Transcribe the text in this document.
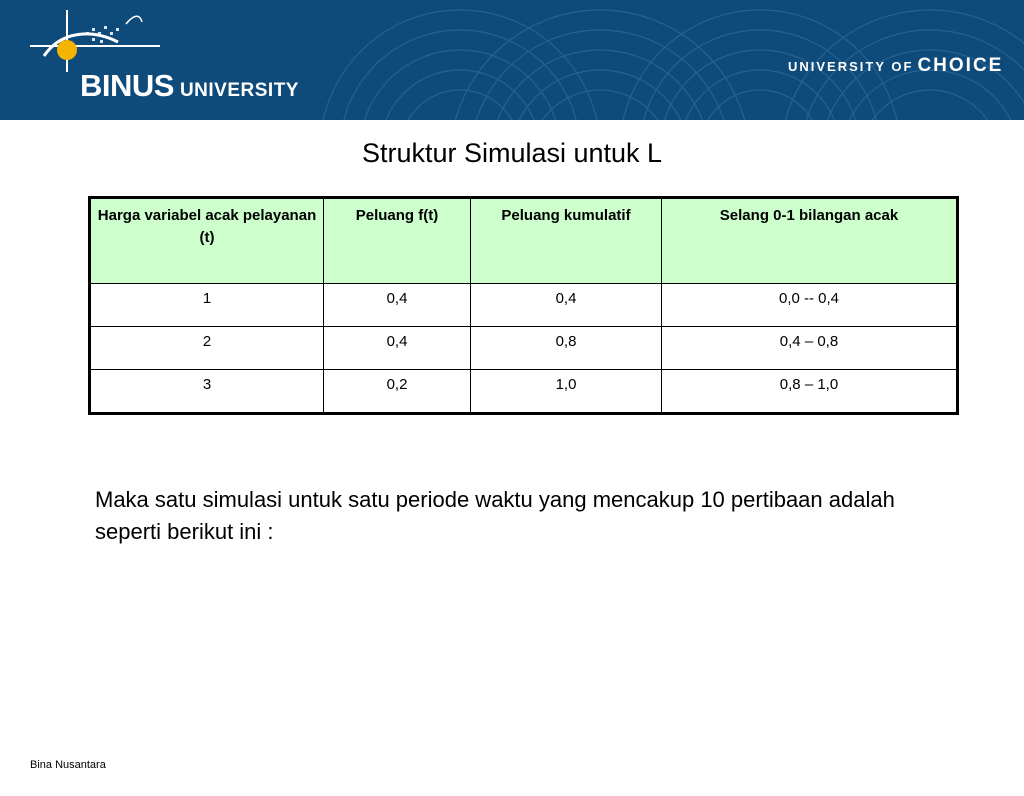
BINUS UNIVERSITY
UNIVERSITY OF CHOICE
Struktur Simulasi untuk L
Harga variabel acak pelayanan
(t)	Peluang f(t)	Peluang kumulatif	Selang 0-1 bilangan acak

1	0,4	0,4	0,0 -- 0,4
2	0,4	0,8	0,4 – 0,8
3	0,2	1,0	0,8 – 1,0
Maka satu simulasi untuk satu periode waktu yang mencakup 10 pertibaan adalah seperti berikut ini :
Bina Nusantara
